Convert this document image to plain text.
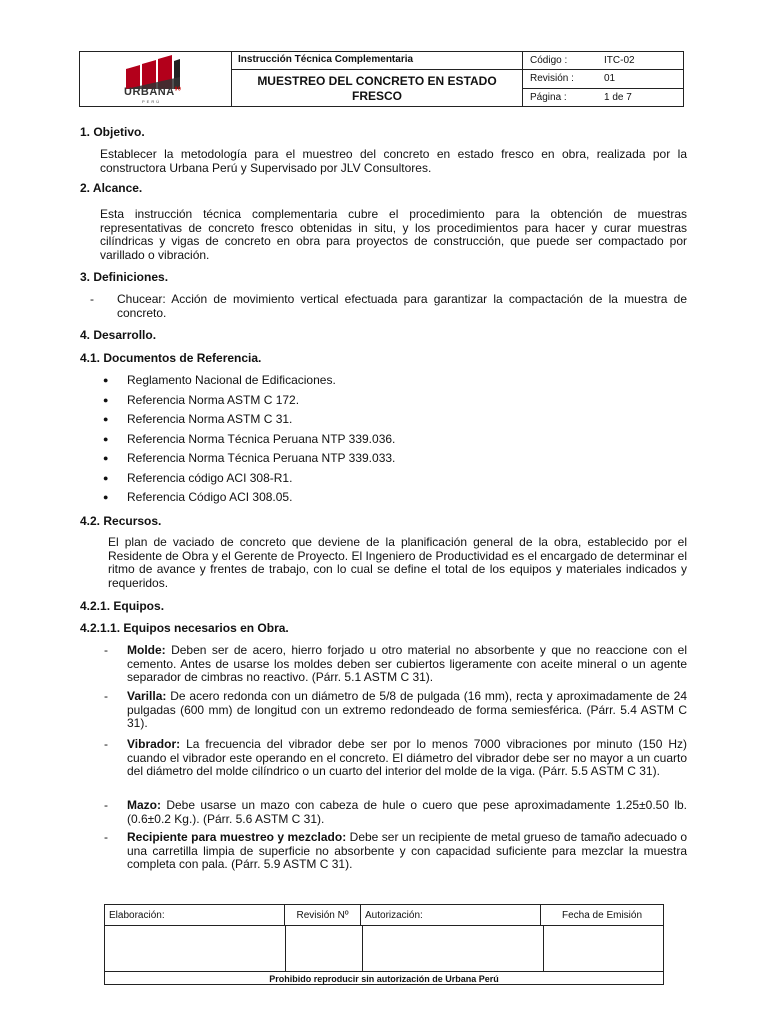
URBANA$^{90}$
PERÚ
Instrucción Técnica Complementaria
MUESTREO DEL CONCRETO EN ESTADO FRESCO
Código :	ITC-02
Revisión :	01
Página :	1 de 7
1. Objetivo.
Establecer la metodología para el muestreo del concreto en estado fresco en obra, realizada por la constructora Urbana Perú y Supervisado por JLV Consultores.
2. Alcance.
Esta instrucción técnica complementaria cubre el procedimiento para la obtención de muestras representativas de concreto fresco obtenidas in situ, y los procedimientos para hacer y curar muestras cilíndricas y vigas de concreto en obra para proyectos de construcción, que puede ser compactado por varillado o vibración.
3. Definiciones.
- Chucear: Acción de movimiento vertical efectuada para garantizar la compactación de la muestra de concreto.
4. Desarrollo.
4.1. Documentos de Referencia.
● Reglamento Nacional de Edificaciones.
● Referencia Norma ASTM C 172.
● Referencia Norma ASTM C 31.
● Referencia Norma Técnica Peruana NTP 339.036.
● Referencia Norma Técnica Peruana NTP 339.033.
● Referencia código ACI 308-R1.
● Referencia Código ACI 308.05.
4.2. Recursos.
El plan de vaciado de concreto que deviene de la planificación general de la obra, establecido por el Residente de Obra y el Gerente de Proyecto. El Ingeniero de Productividad es el encargado de determinar el ritmo de avance y frentes de trabajo, con lo cual se define el total de los equipos y materiales indicados y requeridos.
4.2.1. Equipos.
4.2.1.1. Equipos necesarios en Obra.
- Molde: Deben ser de acero, hierro forjado u otro material no absorbente y que no reaccione con el cemento. Antes de usarse los moldes deben ser cubiertos ligeramente con aceite mineral o un agente separador de cimbras no reactivo. (Párr. 5.1 ASTM C 31).
- Varilla: De acero redonda con un diámetro de 5/8 de pulgada (16 mm), recta y aproximadamente de 24 pulgadas (600 mm) de longitud con un extremo redondeado de forma semiesférica. (Párr. 5.4 ASTM C 31).
- Vibrador: La frecuencia del vibrador debe ser por lo menos 7000 vibraciones por minuto (150 Hz) cuando el vibrador este operando en el concreto. El diámetro del vibrador debe ser no mayor a un cuarto del diámetro del molde cilíndrico o un cuarto del interior del molde de la viga. (Párr. 5.5 ASTM C 31).
- Mazo: Debe usarse un mazo con cabeza de hule o cuero que pese aproximadamente 1.25±0.50 lb. (0.6±0.2 Kg.). (Párr. 5.6 ASTM C 31).
- Recipiente para muestreo y mezclado: Debe ser un recipiente de metal grueso de tamaño adecuado o una carretilla limpia de superficie no absorbente y con capacidad suficiente para mezclar la muestra completa con pala. (Párr. 5.9 ASTM C 31).
Elaboración:	Revisión Nº	Autorización:	Fecha de Emisión
Prohibido reproducir sin autorización de Urbana Perú
